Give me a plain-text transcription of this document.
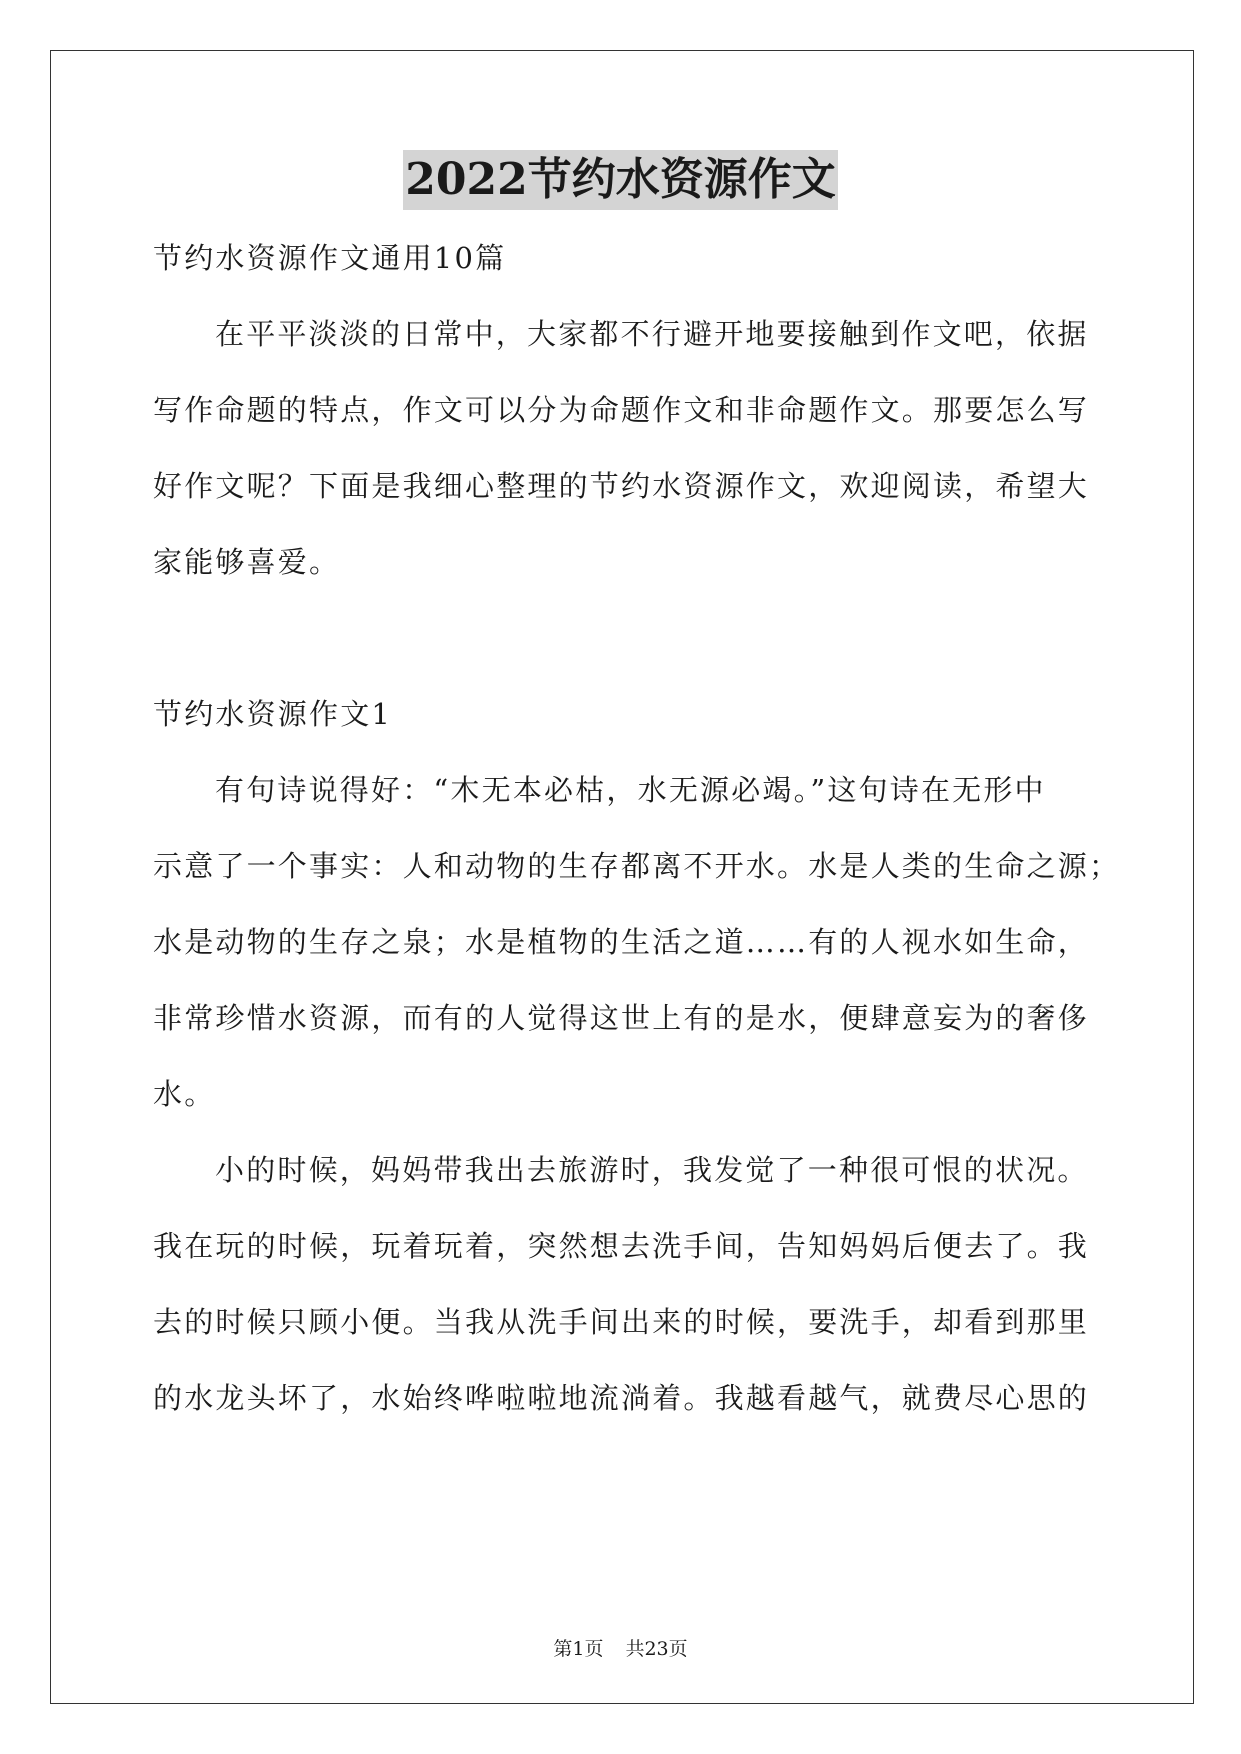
2022节约水资源作文
节约水资源作文通用10篇
在平平淡淡的日常中，大家都不行避开地要接触到作文吧，依据
写作命题的特点，作文可以分为命题作文和非命题作文。那要怎么写
好作文呢？下面是我细心整理的节约水资源作文，欢迎阅读，希望大
家能够喜爱。
节约水资源作文1
有句诗说得好：“木无本必枯，水无源必竭。”这句诗在无形中
示意了一个事实：人和动物的生存都离不开水。水是人类的生命之源；
水是动物的生存之泉；水是植物的生活之道……有的人视水如生命，
非常珍惜水资源，而有的人觉得这世上有的是水，便肆意妄为的奢侈
水。
小的时候，妈妈带我出去旅游时，我发觉了一种很可恨的状况。
我在玩的时候，玩着玩着，突然想去洗手间，告知妈妈后便去了。我
去的时候只顾小便。当我从洗手间出来的时候，要洗手，却看到那里
的水龙头坏了，水始终哗啦啦地流淌着。我越看越气，就费尽心思的
第1页 共23页
